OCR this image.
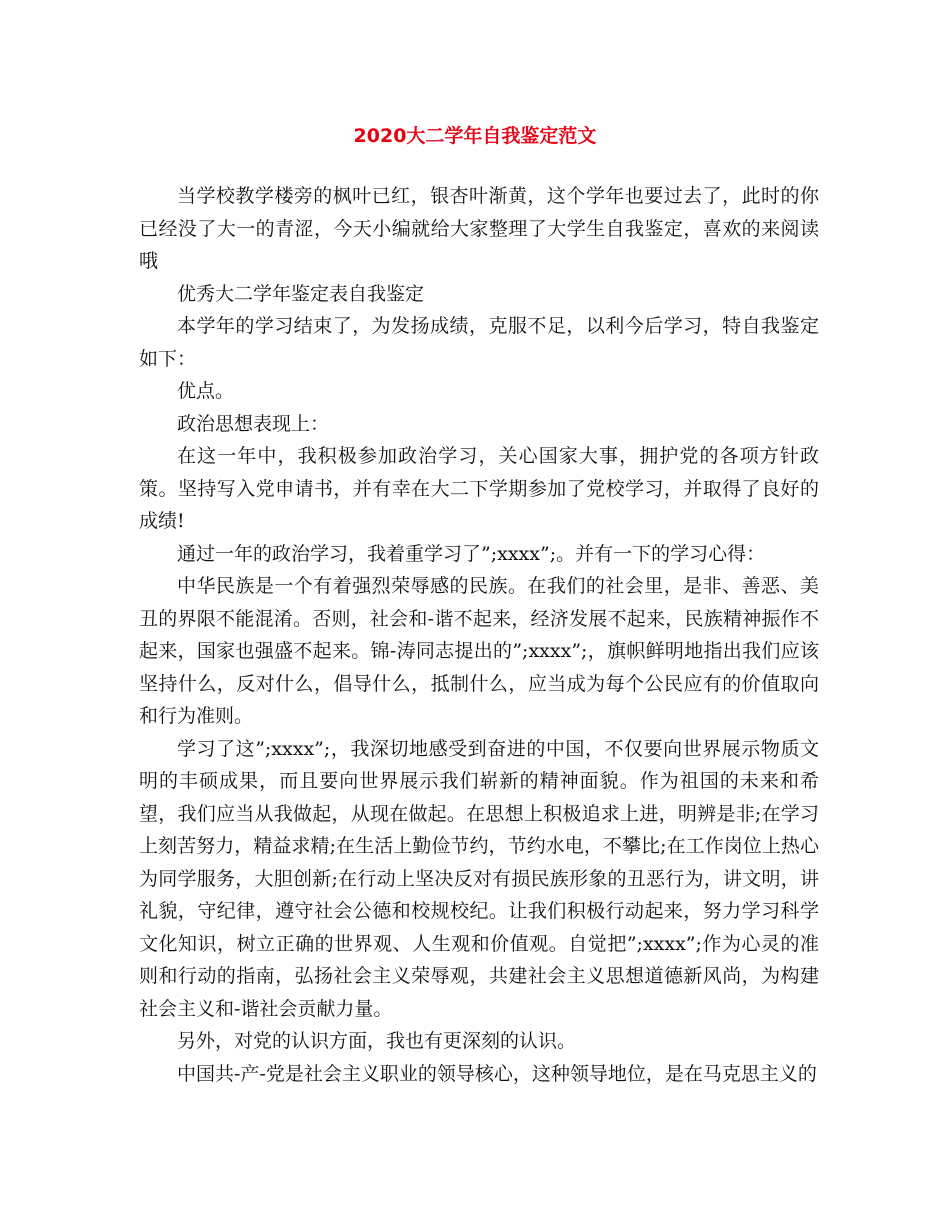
2020大二学年自我鉴定范文

当学校教学楼旁的枫叶已红，银杏叶渐黄，这个学年也要过去了，此时的你已经没了大一的青涩，今天小编就给大家整理了大学生自我鉴定，喜欢的来阅读哦

优秀大二学年鉴定表自我鉴定

本学年的学习结束了，为发扬成绩，克服不足，以利今后学习，特自我鉴定如下：

优点。

政治思想表现上：

在这一年中，我积极参加政治学习，关心国家大事，拥护党的各项方针政策。坚持写入党申请书，并有幸在大二下学期参加了党校学习，并取得了良好的成绩!

通过一年的政治学习，我着重学习了”;xxxx”;。并有一下的学习心得：

中华民族是一个有着强烈荣辱感的民族。在我们的社会里，是非、善恶、美丑的界限不能混淆。否则，社会和-谐不起来，经济发展不起来，民族精神振作不起来，国家也强盛不起来。锦-涛同志提出的”;xxxx”;，旗帜鲜明地指出我们应该坚持什么，反对什么，倡导什么，抵制什么，应当成为每个公民应有的价值取向和行为准则。

学习了这”;xxxx”;，我深切地感受到奋进的中国，不仅要向世界展示物质文明的丰硕成果，而且要向世界展示我们崭新的精神面貌。作为祖国的未来和希望，我们应当从我做起，从现在做起。在思想上积极追求上进，明辨是非;在学习上刻苦努力，精益求精;在生活上勤俭节约，节约水电，不攀比;在工作岗位上热心为同学服务，大胆创新;在行动上坚决反对有损民族形象的丑恶行为，讲文明，讲礼貌，守纪律，遵守社会公德和校规校纪。让我们积极行动起来，努力学习科学文化知识，树立正确的世界观、人生观和价值观。自觉把”;xxxx”;作为心灵的准则和行动的指南，弘扬社会主义荣辱观，共建社会主义思想道德新风尚，为构建社会主义和-谐社会贡献力量。

另外，对党的认识方面，我也有更深刻的认识。

中国共-产-党是社会主义职业的领导核心，这种领导地位，是在马克思主义的
